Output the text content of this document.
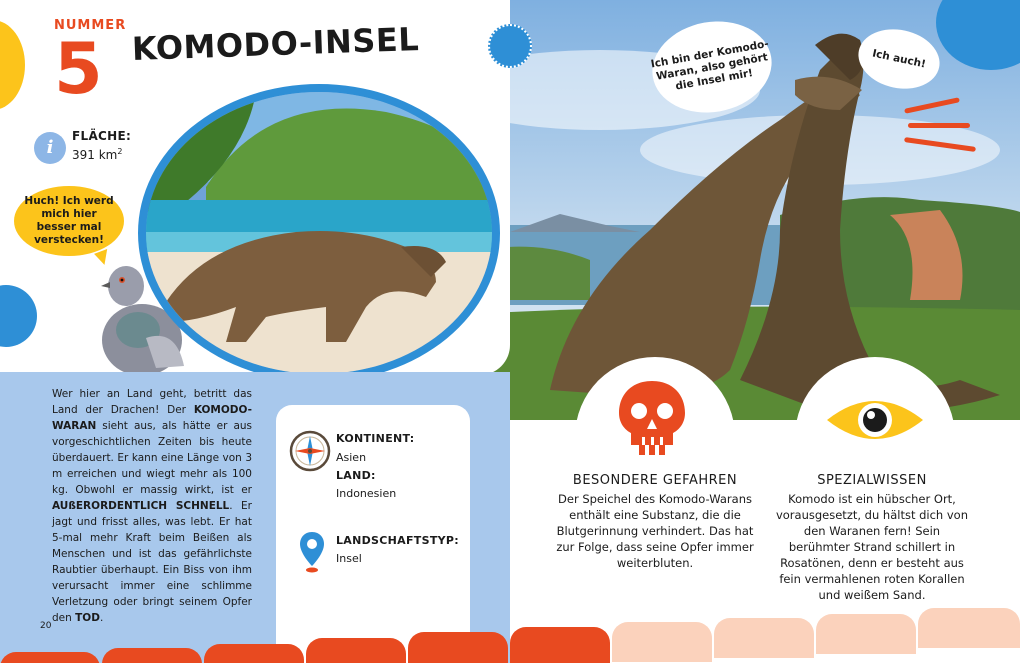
NUMMER
5 KOMODO-INSEL
i
FLÄCHE:
391 $km^2$
Huch! Ich werd mich hier besser mal verstecken!
Ich bin der Komodo-Waran, also gehört die Insel mir!
Ich auch!
Wer hier an Land geht, betritt das Land der Drachen! Der KOMODO-WARAN sieht aus, als hätte er aus vorgeschichtlichen Zeiten bis heute überdauert. Er kann eine Länge von 3 m erreichen und wiegt mehr als 100 kg. Obwohl er massig wirkt, ist er AUßERORDENTLICH SCHNELL. Er jagt und frisst alles, was lebt. Er hat 5-mal mehr Kraft beim Beißen als Menschen und ist das gefährlichste Raubtier überhaupt. Ein Biss von ihm verursacht immer eine schlimme Verletzung oder bringt seinem Opfer den TOD.
KONTINENT:
Asien
LAND:
Indonesien
LANDSCHAFTSTYP:
Insel
20
BESONDERE GEFAHREN
Der Speichel des Komodo-Warans enthält eine Substanz, die die Blutgerinnung verhindert. Das hat zur Folge, dass seine Opfer immer weiterbluten.
SPEZIALWISSEN
Komodo ist ein hübscher Ort, vorausgesetzt, du hältst dich von den Waranen fern! Sein berühmter Strand schillert in Rosatönen, denn er besteht aus fein vermahlenen roten Korallen und weißem Sand.
